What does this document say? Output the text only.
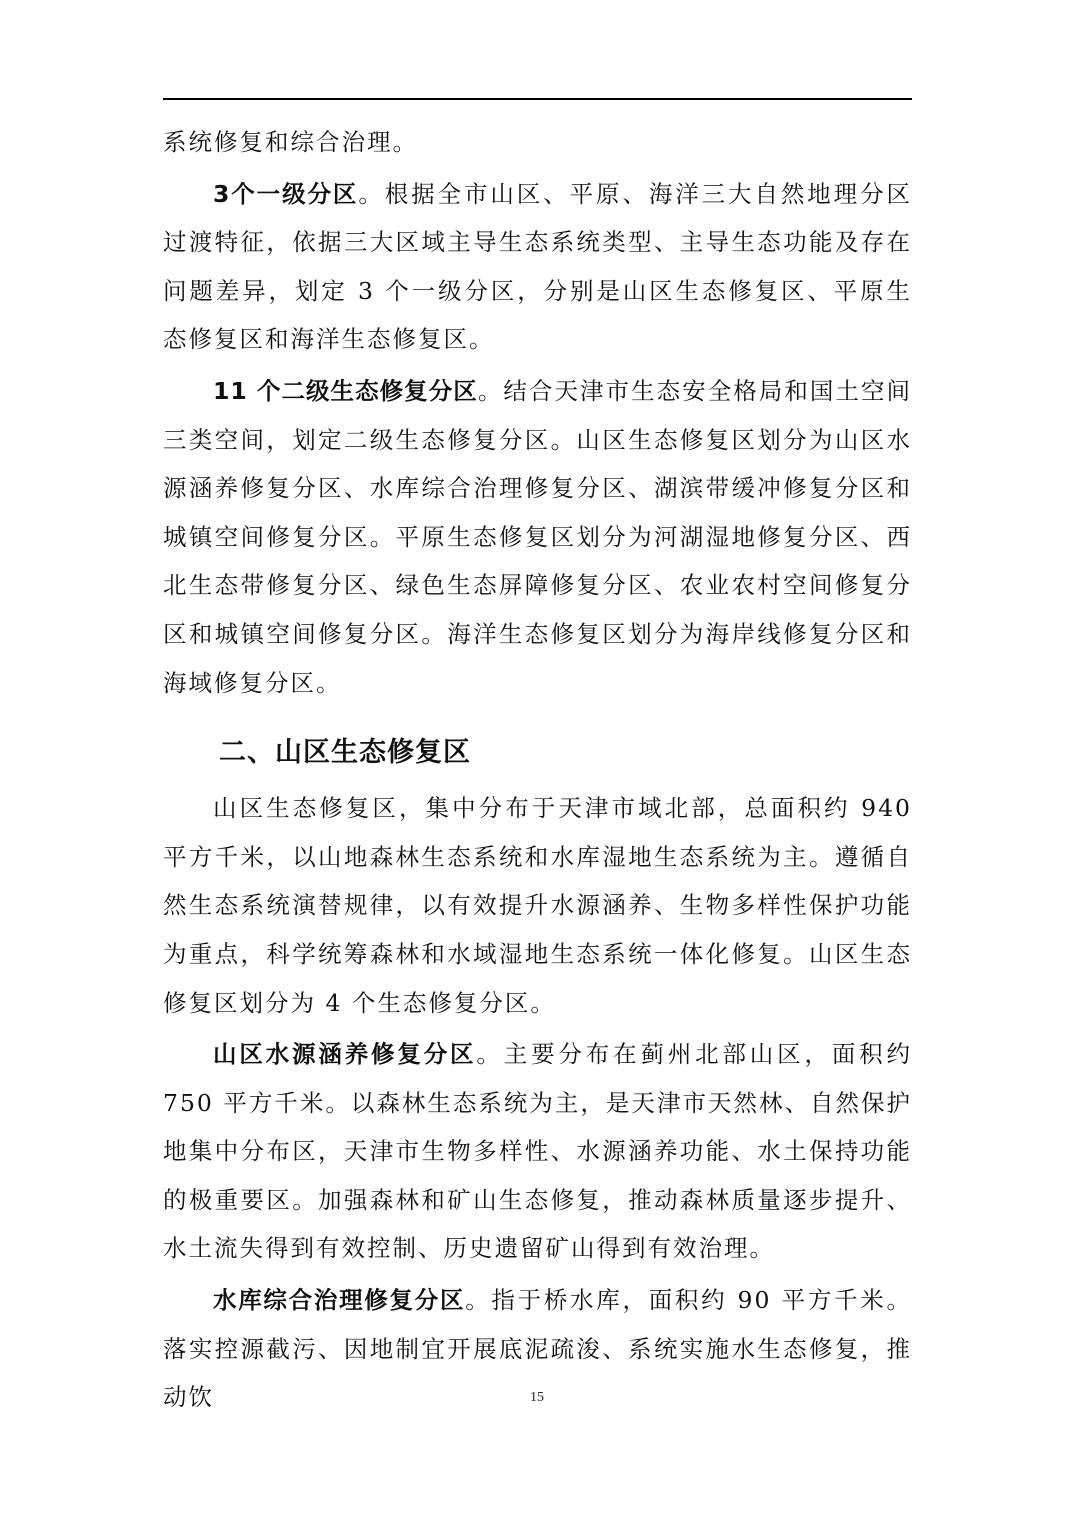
系统修复和综合治理。

3个一级分区。根据全市山区、平原、海洋三大自然地理分区过渡特征，依据三大区域主导生态系统类型、主导生态功能及存在问题差异，划定 3 个一级分区，分别是山区生态修复区、平原生态修复区和海洋生态修复区。

11 个二级生态修复分区。结合天津市生态安全格局和国土空间三类空间，划定二级生态修复分区。山区生态修复区划分为山区水源涵养修复分区、水库综合治理修复分区、湖滨带缓冲修复分区和城镇空间修复分区。平原生态修复区划分为河湖湿地修复分区、西北生态带修复分区、绿色生态屏障修复分区、农业农村空间修复分区和城镇空间修复分区。海洋生态修复区划分为海岸线修复分区和海域修复分区。

二、山区生态修复区

山区生态修复区，集中分布于天津市域北部，总面积约 940 平方千米，以山地森林生态系统和水库湿地生态系统为主。遵循自然生态系统演替规律，以有效提升水源涵养、生物多样性保护功能为重点，科学统筹森林和水域湿地生态系统一体化修复。山区生态修复区划分为 4 个生态修复分区。

山区水源涵养修复分区。主要分布在蓟州北部山区，面积约 750 平方千米。以森林生态系统为主，是天津市天然林、自然保护地集中分布区，天津市生物多样性、水源涵养功能、水土保持功能的极重要区。加强森林和矿山生态修复，推动森林质量逐步提升、水土流失得到有效控制、历史遗留矿山得到有效治理。

水库综合治理修复分区。指于桥水库，面积约 90 平方千米。落实控源截污、因地制宜开展底泥疏浚、系统实施水生态修复，推动饮	15
